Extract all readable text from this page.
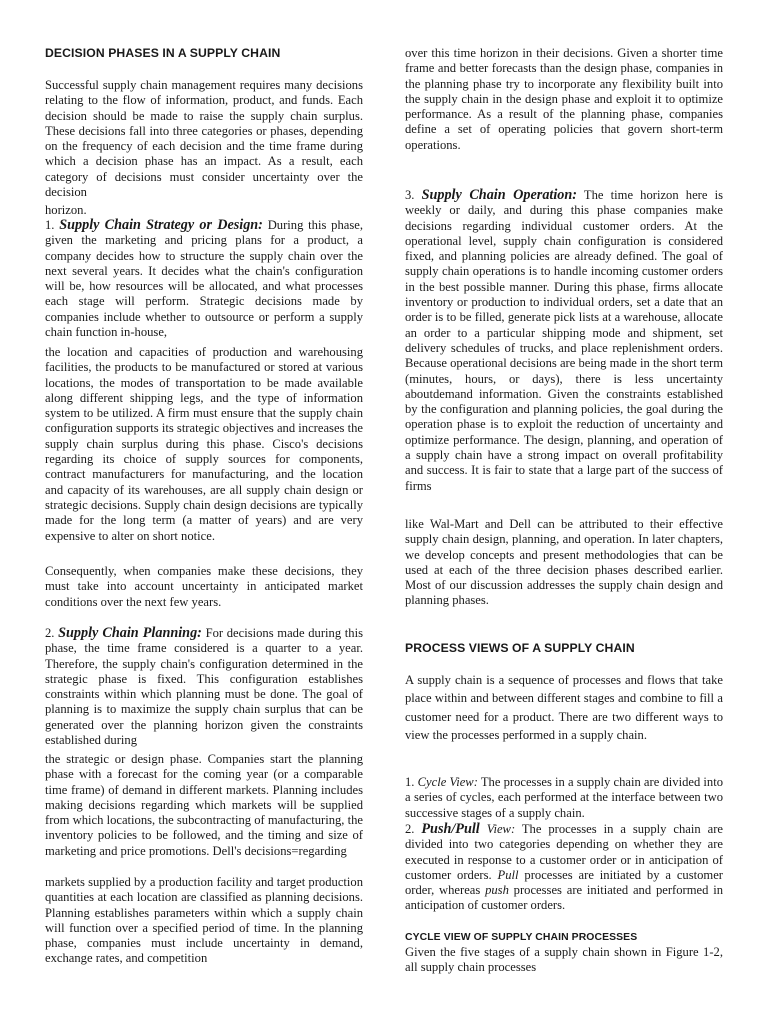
DECISION PHASES IN A SUPPLY CHAIN

Successful supply chain management requires many decisions relating to the flow of information, product, and funds. Each decision should be made to raise the supply chain surplus. These decisions fall into three categories or phases, depending on the frequency of each decision and the time frame during which a decision phase has an impact. As a result, each category of decisions must consider uncertainty over the decision

horizon.

1. Supply Chain Strategy or Design: During this phase, given the marketing and pricing plans for a product, a company decides how to structure the supply chain over the next several years. It decides what the chain's configuration will be, how resources will be allocated, and what processes each stage will perform. Strategic decisions made by companies include whether to outsource or perform a supply chain function in-house,

the location and capacities of production and warehousing facilities, the products to be manufactured or stored at various locations, the modes of transportation to be made available along different shipping legs, and the type of information system to be utilized. A firm must ensure that the supply chain configuration supports its strategic objectives and increases the supply chain surplus during this phase. Cisco's decisions regarding its choice of supply sources for components, contract manufacturers for manufacturing, and the location and capacity of its warehouses, are all supply chain design or strategic decisions. Supply chain design decisions are typically made for the long term (a matter of years) and are very expensive to alter on short notice.

Consequently, when companies make these decisions, they must take into account uncertainty in anticipated market conditions over the next few years.

2. Supply Chain Planning: For decisions made during this phase, the time frame considered is a quarter to a year. Therefore, the supply chain's configuration determined in the strategic phase is fixed. This configuration establishes constraints within which planning must be done. The goal of planning is to maximize the supply chain surplus that can be generated over the planning horizon given the constraints established during

the strategic or design phase. Companies start the planning phase with a forecast for the coming year (or a comparable time frame) of demand in different markets. Planning includes making decisions regarding which markets will be supplied from which locations, the subcontracting of manufacturing, the inventory policies to be followed, and the timing and size of marketing and price promotions. Dell's decisions=regarding

markets supplied by a production facility and target production quantities at each location are classified as planning decisions. Planning establishes parameters within which a supply chain will function over a specified period of time. In the planning phase, companies must include uncertainty in demand, exchange rates, and competition

over this time horizon in their decisions. Given a shorter time frame and better forecasts than the design phase, companies in the planning phase try to incorporate any flexibility built into the supply chain in the design phase and exploit it to optimize performance. As a result of the planning phase, companies define a set of operating policies that govern short-term operations.

3. Supply Chain Operation: The time horizon here is weekly or daily, and during this phase companies make decisions regarding individual customer orders. At the operational level, supply chain configuration is considered fixed, and planning policies are already defined. The goal of supply chain operations is to handle incoming customer orders in the best possible manner. During this phase, firms allocate inventory or production to individual orders, set a date that an order is to be filled, generate pick lists at a warehouse, allocate an order to a particular shipping mode and shipment, set delivery schedules of trucks, and place replenishment orders. Because operational decisions are being made in the short term (minutes, hours, or days), there is less uncertainty aboutdemand information. Given the constraints established by the configuration and planning policies, the goal during the operation phase is to exploit the reduction of uncertainty and optimize performance. The design, planning, and operation of a supply chain have a strong impact on overall profitability and success. It is fair to state that a large part of the success of firms

like Wal-Mart and Dell can be attributed to their effective supply chain design, planning, and operation. In later chapters, we develop concepts and present methodologies that can be used at each of the three decision phases described earlier. Most of our discussion addresses the supply chain design and planning phases.

PROCESS VIEWS OF A SUPPLY CHAIN

A supply chain is a sequence of processes and flows that take place within and between different stages and combine to fill a customer need for a product. There are two different ways to view the processes performed in a supply chain.

1. Cycle View: The processes in a supply chain are divided into a series of cycles, each performed at the interface between two successive stages of a supply chain.

2. Push/Pull View: The processes in a supply chain are divided into two categories depending on whether they are executed in response to a customer order or in anticipation of customer orders. Pull processes are initiated by a customer order, whereas push processes are initiated and performed in anticipation of customer orders.

CYCLE VIEW OF SUPPLY CHAIN PROCESSES

Given the five stages of a supply chain shown in Figure 1-2, all supply chain processes
